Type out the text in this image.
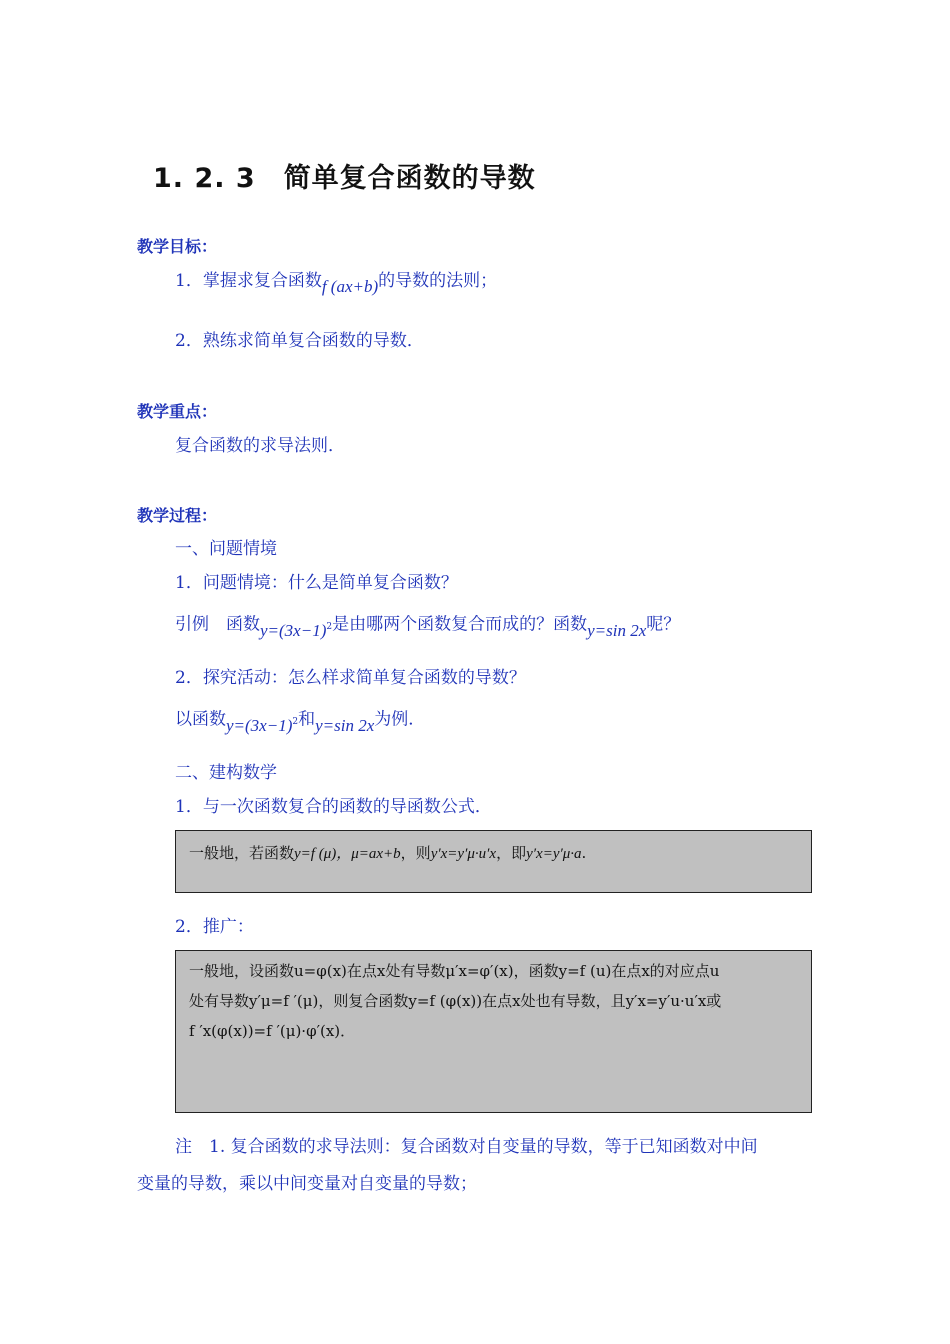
1. 2. 3 简单复合函数的导数
教学目标：
1．掌握求复合函数f (ax+b)的导数的法则；
2．熟练求简单复合函数的导数．
教学重点：
复合函数的求导法则．
教学过程：
一、问题情境
1．问题情境：什么是简单复合函数？
引例　函数$y=(3x-1)^2$是由哪两个函数复合而成的？函数y=sin 2x呢？
2．探究活动：怎么样求简单复合函数的导数？
以函数$y=(3x-1)^2$和y=sin 2x为例．
二、建构数学
1．与一次函数复合的函数的导函数公式．
一般地，若函数y=f (μ)，μ=ax+b，则y′x=y′μ·u′x，即y′x=y′μ·a.
2．推广：
一般地，设函数u=φ(x)在点x处有导数μ′x=φ′(x)，函数y=f (u)在点x的对应点u
处有导数y′μ=f ′(μ)，则复合函数y=f (φ(x))在点x处也有导数，且y′x=y′u·u′x或
f ′x(φ(x))=f ′(μ)·φ′(x)．
注　1. 复合函数的求导法则：复合函数对自变量的导数，等于已知函数对中间
变量的导数，乘以中间变量对自变量的导数；
